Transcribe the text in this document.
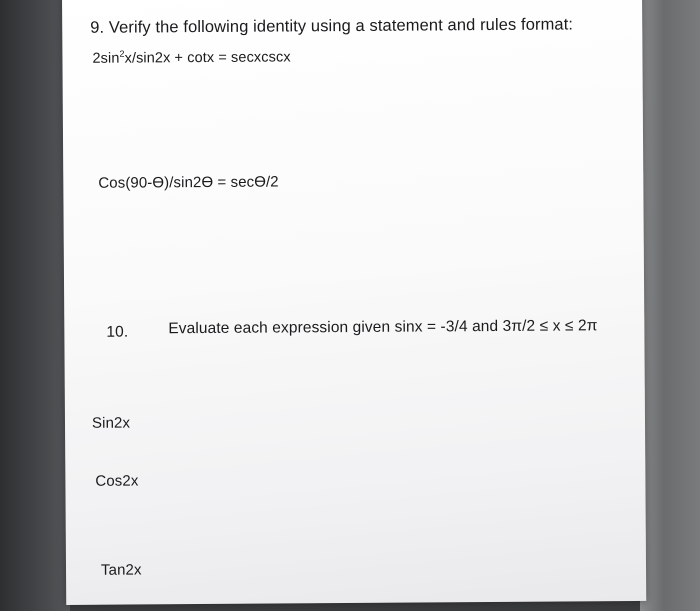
9. Verify the following identity using a statement and rules format:
$2\sin^2x/\sin 2x + \cot x$ = secxcscx
Cos(90-ϴ)/sin2ϴ = secϴ/2
10.	Evaluate each expression given sinx = -3/4 and 3π/2 ≤ x ≤ 2π
Sin2x
Cos2x
Tan2x
